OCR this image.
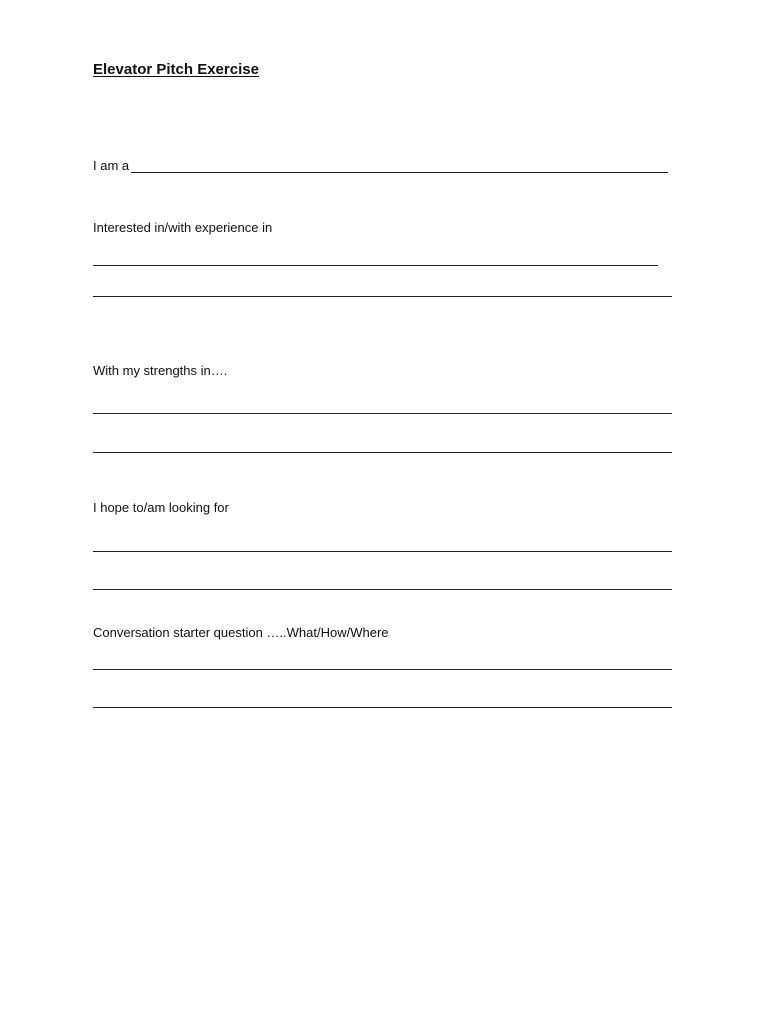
Elevator Pitch Exercise
I am a
Interested in/with experience in
With my strengths in….
I hope to/am looking for
Conversation starter question …..What/How/Where
